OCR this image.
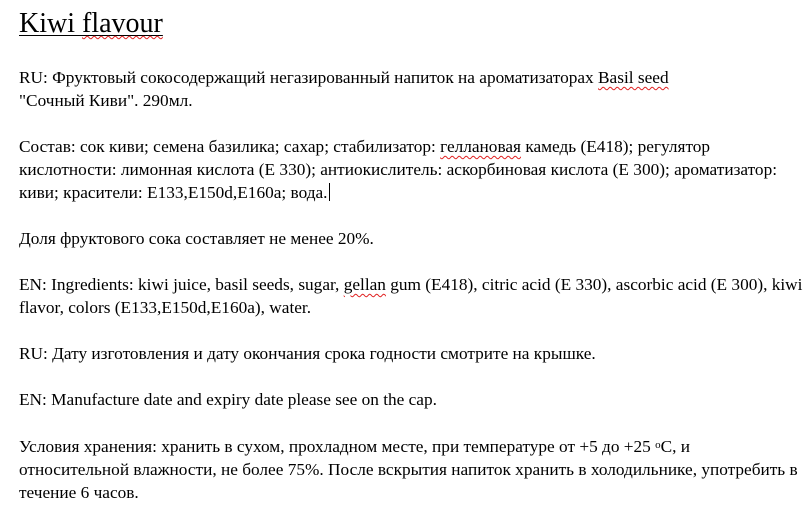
Kiwi flavour

RU: Фруктовый сокосодержащий негазированный напиток на ароматизаторах Basil seed
"Сочный Киви". 290мл.

Состав: сок киви; семена базилика; сахар; стабилизатор: геллановая камедь (E418); регулятор кислотности: лимонная кислота (E 330); антиокислитель: аскорбиновая кислота (E 300); ароматизатор: киви; красители: E133,E150d,E160a; вода.

Доля фруктового сока составляет не менее 20%.

EN: Ingredients: kiwi juice, basil seeds, sugar, gellan gum (E418), citric acid (E 330), ascorbic acid (E 300), kiwi flavor, colors (E133,E150d,E160a), water.

RU: Дату изготовления и дату окончания срока годности смотрите на крышке.

EN: Manufacture date and expiry date please see on the cap.

Условия хранения: хранить в сухом, прохладном месте, при температуре от +5 до +25 $^о$С, и относительной влажности, не более 75%. После вскрытия напиток хранить в холодильнике, употребить в течение 6 часов.
